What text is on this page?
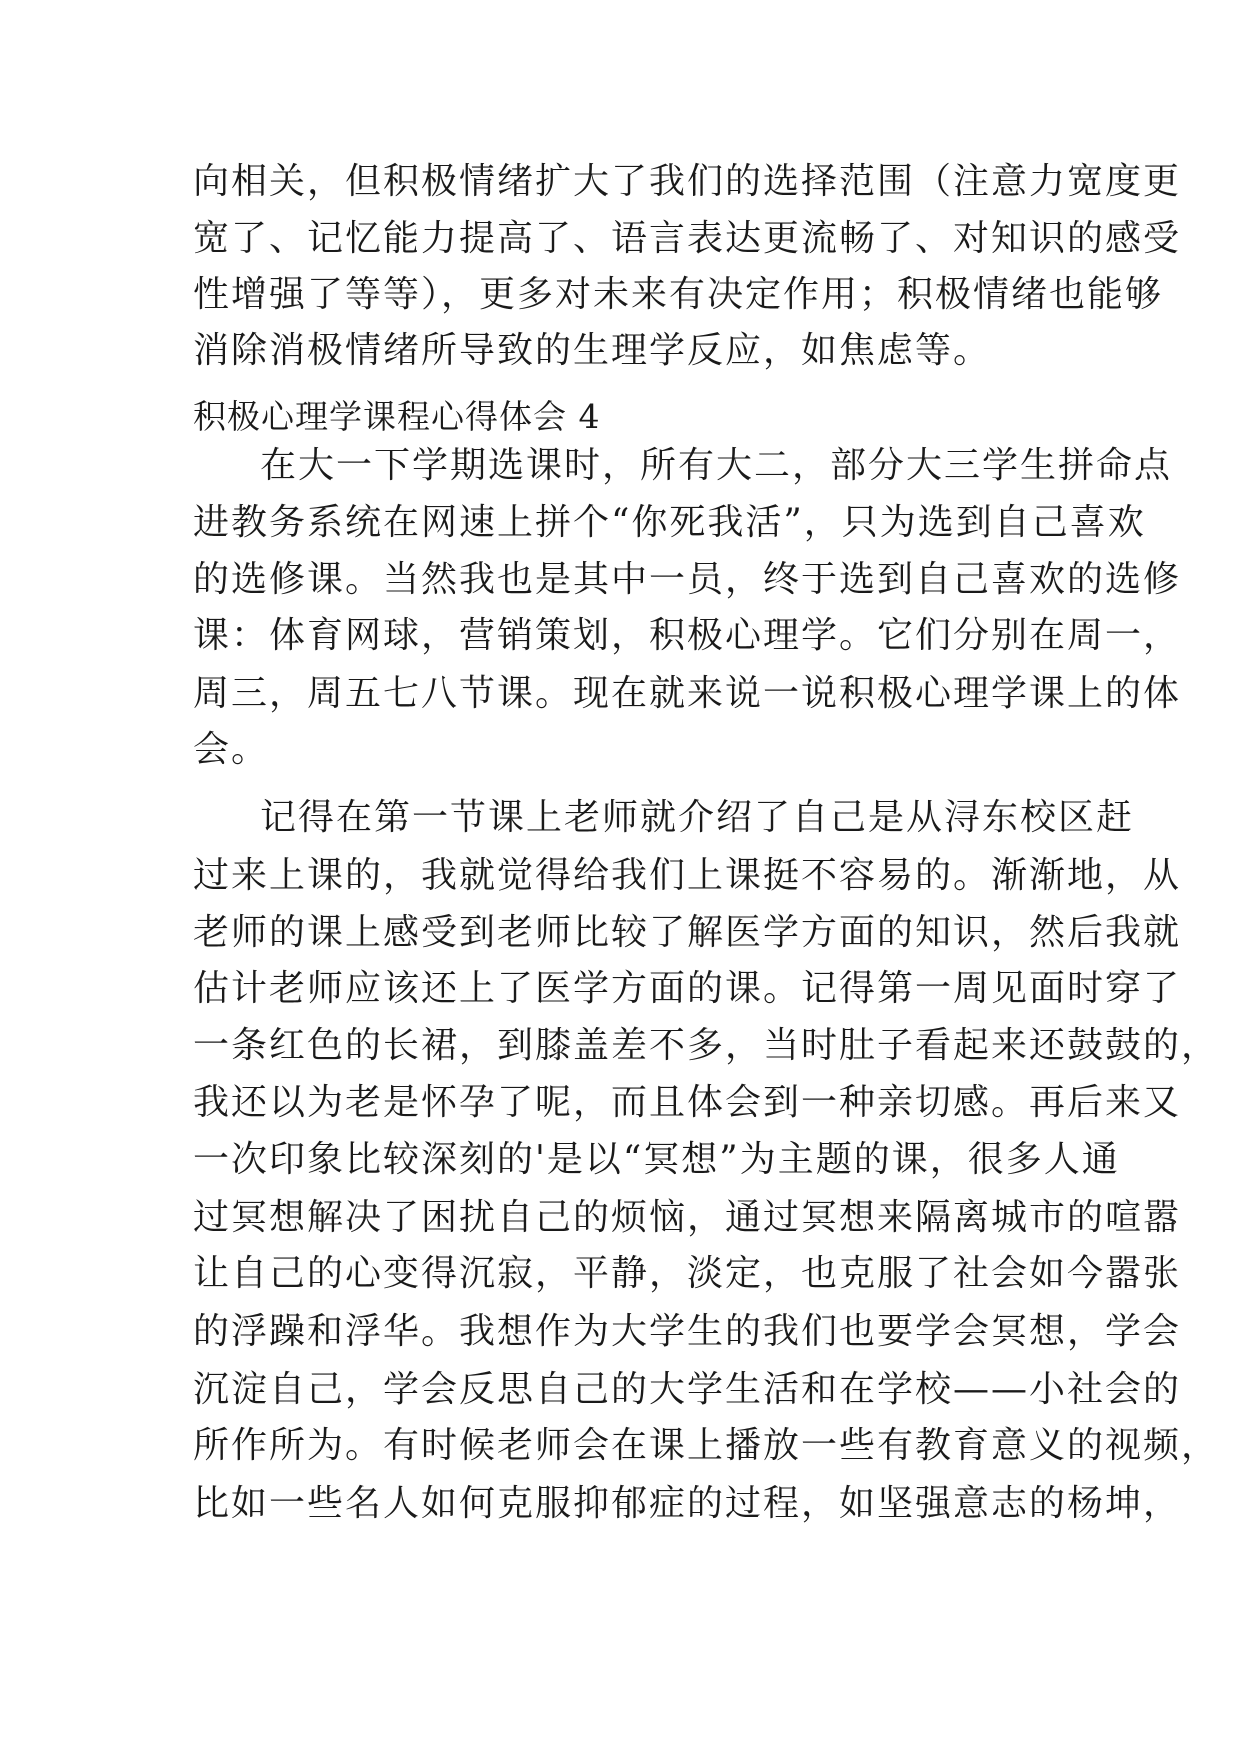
向相关，但积极情绪扩大了我们的选择范围（注意力宽度更
宽了、记忆能力提高了、语言表达更流畅了、对知识的感受
性增强了等等），更多对未来有决定作用；积极情绪也能够
消除消极情绪所导致的生理学反应，如焦虑等。
积极心理学课程心得体会 4
在大一下学期选课时，所有大二，部分大三学生拼命点
进教务系统在网速上拼个“你死我活”，只为选到自己喜欢
的选修课。当然我也是其中一员，终于选到自己喜欢的选修
课：体育网球，营销策划，积极心理学。它们分别在周一，
周三，周五七八节课。现在就来说一说积极心理学课上的体
会。
记得在第一节课上老师就介绍了自己是从浔东校区赶
过来上课的，我就觉得给我们上课挺不容易的。渐渐地，从
老师的课上感受到老师比较了解医学方面的知识，然后我就
估计老师应该还上了医学方面的课。记得第一周见面时穿了
一条红色的长裙，到膝盖差不多，当时肚子看起来还鼓鼓的，
我还以为老是怀孕了呢，而且体会到一种亲切感。再后来又
一次印象比较深刻的'是以“冥想”为主题的课，很多人通
过冥想解决了困扰自己的烦恼，通过冥想来隔离城市的喧嚣
让自己的心变得沉寂，平静，淡定，也克服了社会如今嚣张
的浮躁和浮华。我想作为大学生的我们也要学会冥想，学会
沉淀自己，学会反思自己的大学生活和在学校——小社会的
所作所为。有时候老师会在课上播放一些有教育意义的视频，
比如一些名人如何克服抑郁症的过程，如坚强意志的杨坤，
